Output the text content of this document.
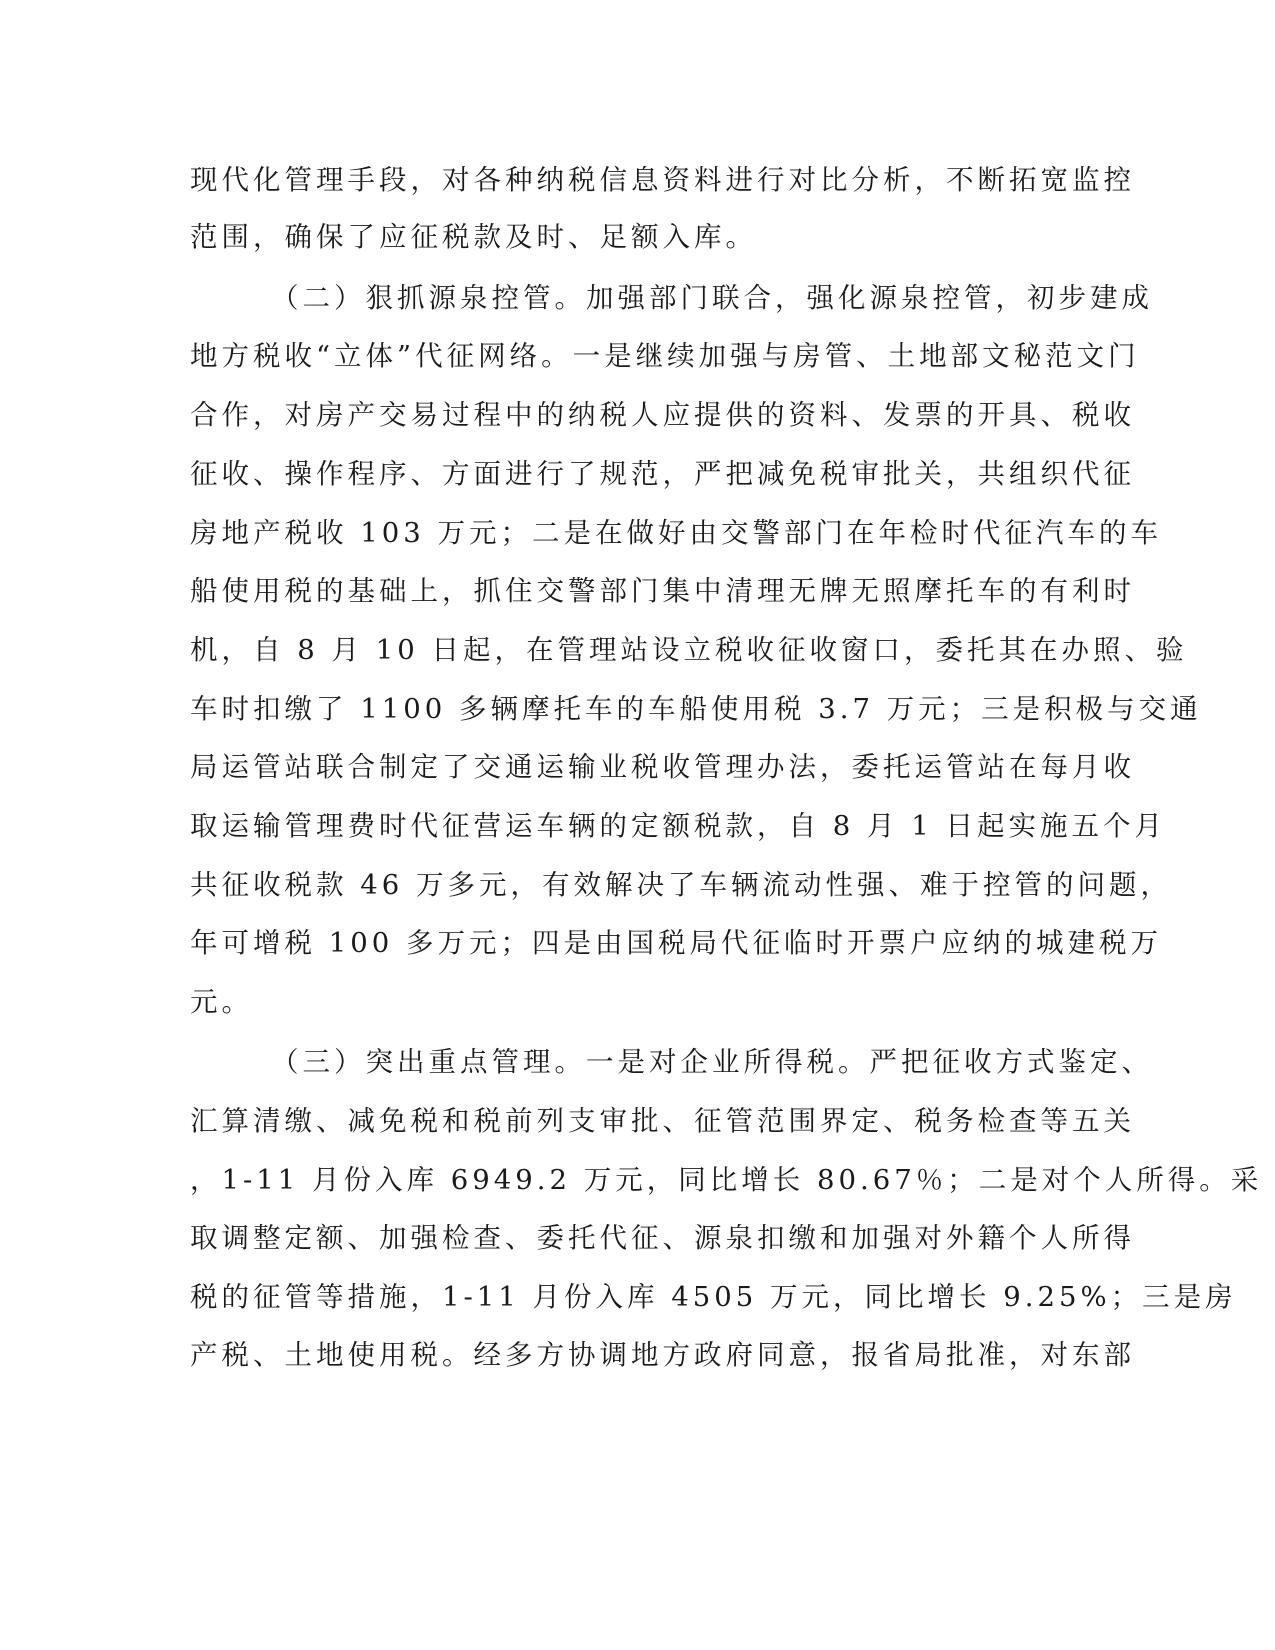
现代化管理手段，对各种纳税信息资料进行对比分析，不断拓宽监控
范围，确保了应征税款及时、足额入库。
（二）狠抓源泉控管。加强部门联合，强化源泉控管，初步建成
地方税收“立体”代征网络。一是继续加强与房管、土地部文秘范文门
合作，对房产交易过程中的纳税人应提供的资料、发票的开具、税收
征收、操作程序、方面进行了规范，严把减免税审批关，共组织代征
房地产税收 103 万元；二是在做好由交警部门在年检时代征汽车的车
船使用税的基础上，抓住交警部门集中清理无牌无照摩托车的有利时
机，自 8 月 10 日起，在管理站设立税收征收窗口，委托其在办照、验
车时扣缴了 1100 多辆摩托车的车船使用税 3.7 万元；三是积极与交通
局运管站联合制定了交通运输业税收管理办法，委托运管站在每月收
取运输管理费时代征营运车辆的定额税款，自 8 月 1 日起实施五个月
共征收税款 46 万多元，有效解决了车辆流动性强、难于控管的问题，
年可增税 100 多万元；四是由国税局代征临时开票户应纳的城建税万
元。
（三）突出重点管理。一是对企业所得税。严把征收方式鉴定、
汇算清缴、减免税和税前列支审批、征管范围界定、税务检查等五关
，1-11 月份入库 6949.2 万元，同比增长 80.67％；二是对个人所得。采
取调整定额、加强检查、委托代征、源泉扣缴和加强对外籍个人所得
税的征管等措施，1-11 月份入库 4505 万元，同比增长 9.25%；三是房
产税、土地使用税。经多方协调地方政府同意，报省局批准，对东部
